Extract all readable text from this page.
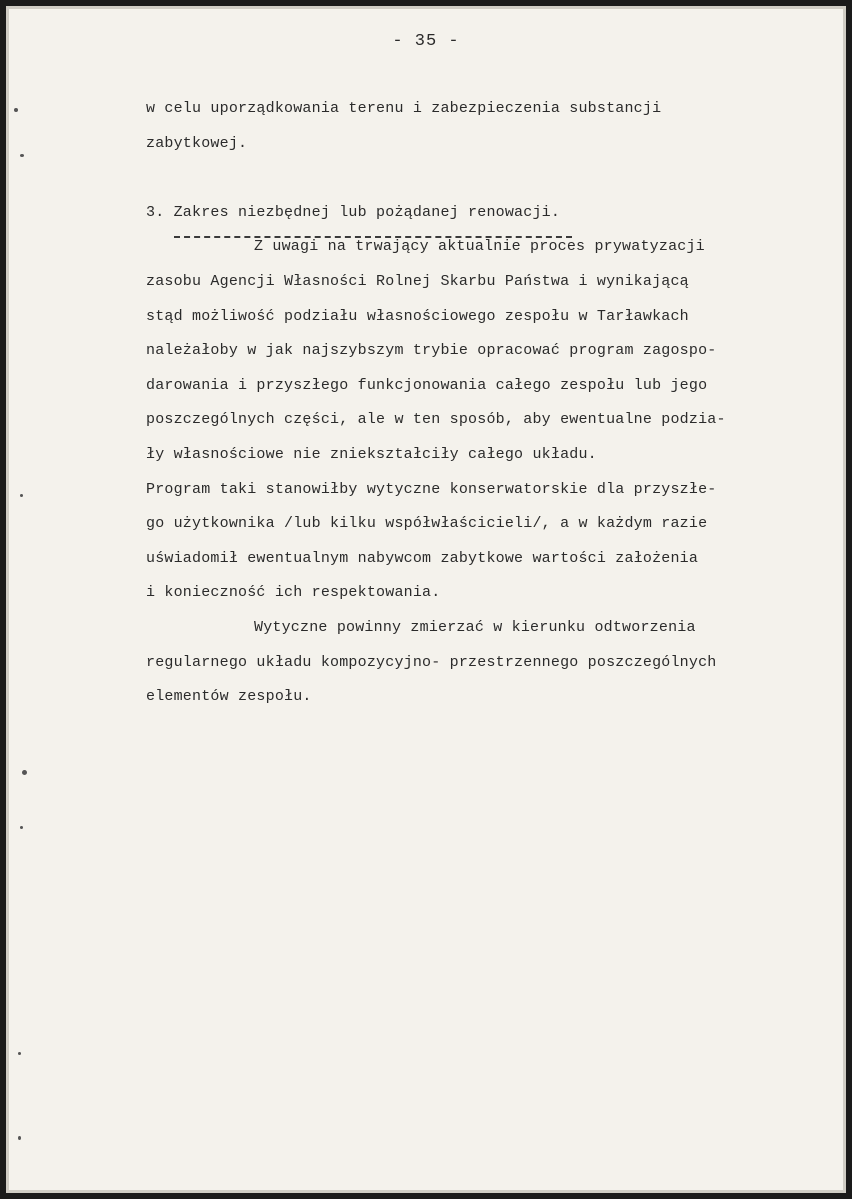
- 35 -
w celu uporządkowania terenu i zabezpieczenia substancji
zabytkowej.
3. Zakres niezbędnej lub pożądanej renowacji.
Z uwagi na trwający aktualnie proces prywatyzacji
zasobu Agencji Własności Rolnej Skarbu Państwa i wynikającą
stąd możliwość podziału własnościowego zespołu w Tarławkach
należałoby w jak najszybszym trybie opracować program zagospo-
darowania i przyszłego funkcjonowania całego zespołu lub jego
poszczególnych części, ale w ten sposób, aby ewentualne podzia-
ły własnościowe nie zniekształciły całego układu.
Program taki stanowiłby wytyczne konserwatorskie dla przyszłe-
go użytkownika /lub kilku współwłaścicieli/, a w każdym razie
uświadomił ewentualnym nabywcom zabytkowe wartości założenia
i konieczność ich respektowania.
Wytyczne powinny zmierzać w kierunku odtworzenia
regularnego układu kompozycyjno- przestrzennego poszczególnych
elementów zespołu.
